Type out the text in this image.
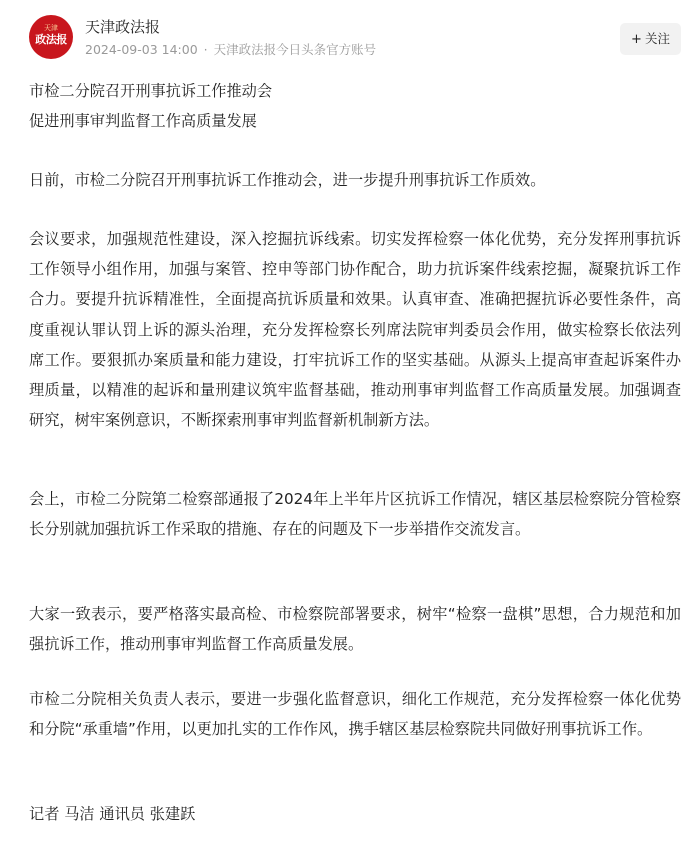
天津
政法报
天津政法报
2024-09-03 14:00 · 天津政法报今日头条官方账号
+ 关注
市检二分院召开刑事抗诉工作推动会
促进刑事审判监督工作高质量发展
日前，市检二分院召开刑事抗诉工作推动会，进一步提升刑事抗诉工作质效。
会议要求，加强规范性建设，深入挖掘抗诉线索。切实发挥检察一体化优势，充分发挥刑事抗诉工作领导小组作用，加强与案管、控申等部门协作配合，助力抗诉案件线索挖掘，凝聚抗诉工作合力。要提升抗诉精准性，全面提高抗诉质量和效果。认真审查、准确把握抗诉必要性条件，高度重视认罪认罚上诉的源头治理，充分发挥检察长列席法院审判委员会作用，做实检察长依法列席工作。要狠抓办案质量和能力建设，打牢抗诉工作的坚实基础。从源头上提高审查起诉案件办理质量，以精准的起诉和量刑建议筑牢监督基础，推动刑事审判监督工作高质量发展。加强调查研究，树牢案例意识，不断探索刑事审判监督新机制新方法。
会上，市检二分院第二检察部通报了2024年上半年片区抗诉工作情况，辖区基层检察院分管检察长分别就加强抗诉工作采取的措施、存在的问题及下一步举措作交流发言。
大家一致表示，要严格落实最高检、市检察院部署要求，树牢“检察一盘棋”思想，合力规范和加强抗诉工作，推动刑事审判监督工作高质量发展。
市检二分院相关负责人表示，要进一步强化监督意识，细化工作规范，充分发挥检察一体化优势和分院“承重墙”作用，以更加扎实的工作作风，携手辖区基层检察院共同做好刑事抗诉工作。
记者 马洁 通讯员 张建跃
